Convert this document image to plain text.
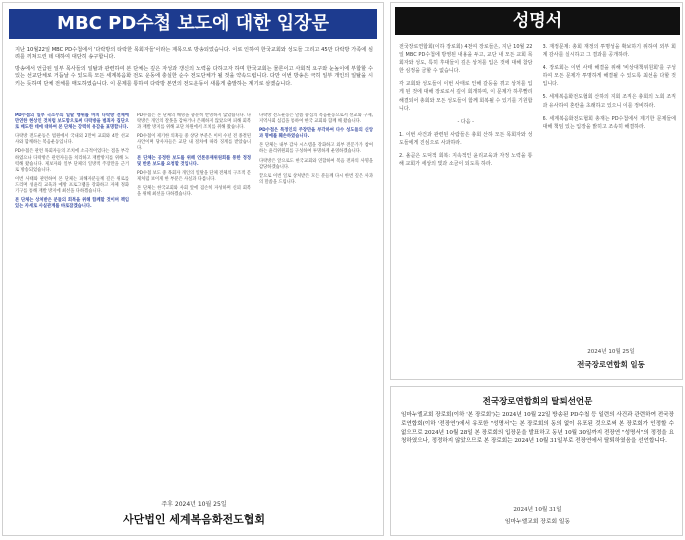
MBC PD수첩 보도에 대한 입장문

지난 10월22일 MBC PD수첩에서 '다락방의 타락한 목회자들'이라는 제목으로 방송되었습니다. 이로 인하여 한국교회와 성도들 그리고 45만 다락방 가족에 심려를 끼쳐드린 데 대하여 대단히 송구합니다.

방송에서 언급된 일부 목사들의 일탈과 관련하여 본 단체는 깊은 자성과 갱신의 노력을 다하고자 하며 한국교회는 물론이고 사회적 요구와 눈높이에 부합할 수 있는 선교단체로 거듭날 수 있도록 모든 세계복음화 전도 운동에 충실한 순수 전도단체가 될 것을 약속드립니다. 다만 이번 방송은 극히 일부 개인의 일탈을 시키는 듯하며 단체 전체를 매도하였습니다. 이 문제를 통하여 다락방 본연의 전도운동이 새롭게 출발하는 계기로 삼겠습니다.

PD수첩의 일부 극소수의 일탈 행위를 마치 다락방 전체에 만연한 현상인 것처럼 보도함으로써 다락방을 범죄자 집단으로 매도한 데에 대하여 본 단체는 강력히 유감을 표명합니다.

다락방 전도운동은 법원에서 국내외 2만여 교회와 4만 선교사와 함께하는 복음운동입니다.

PD수첩은 관련 목회자들의 조치에 소극적이었다는 점을 부각하였으나 다락방은 관련자들을 치리하고 재발방지를 위해 노력해 왔습니다. 제보자와 일부 단체의 일방적 주장만을 근거로 방송되었습니다.

이번 사태와 관련하여 본 단체는 피해자분들께 깊은 위로를 드리며 성윤리 교육과 예방 프로그램을 강화하고 자체 정화 기구를 통해 재발 방지에 최선을 다하겠습니다.

본 단체는 상처받은 분들의 회복을 위해 함께할 것이며 책임 있는 자세로 사실관계를 바로잡겠습니다.

PD수첩은 본 단체의 해명을 충분히 반영하지 않았습니다. 다락방은 개인의 잘못을 감싸거나 은폐하지 않았으며 피해 회복과 재발 방지를 위해 교단 차원에서 조치를 취해 왔습니다.

PD수첩이 제기한 의혹들 중 상당 부분은 이미 수년 전 종결된 사안이며 당사자들은 교단 내 절차에 따라 징계를 받았습니다.

본 단체는 공정한 보도를 위해 언론중재위원회를 통한 정정 및 반론 보도를 요청할 것입니다.

PD수첩 보도 중 목회자 개인의 일탈을 단체 전체의 구조적 문제처럼 보이게 한 부분은 사실과 다릅니다.

본 단체는 한국교회와 사회 앞에 겸손히 자성하며 신뢰 회복을 위해 최선을 다하겠습니다.

다락방 전도운동은 말씀 중심의 복음운동으로서 선교와 구제, 지역사회 섬김을 통하여 한국 교회와 함께 해 왔습니다.

PD수첩은 특정인의 주장만을 부각하여 다수 성도들의 신앙과 명예를 훼손하였습니다.

본 단체는 내부 감사 시스템을 강화하고 외부 전문가가 참여하는 윤리위원회를 구성하여 투명하게 운영하겠습니다.

다락방은 앞으로도 한국교회와 연합하여 복음 전파의 사명을 감당하겠습니다.

끝으로 이번 일로 상처받은 모든 분들께 다시 한번 깊은 사과의 말씀을 드립니다.

주후 2024년 10월 25일
사단법인 세계복음화전도협회
성명서

전국장로연합회(이하 장로회) 4천여 장로들은, 지난 10월 22일 MBC PD수첩에 방영된 내용을 두고, 교단 내 모든 교회 목회자와 성도, 특히 후대들이 깊은 상처를 입은 것에 대해 참담한 심정을 금할 수 없습니다.

각 교회와 성도들이 이번 사태로 인해 갈등을 겪고 상처를 입게 된 것에 대해 장로로서 깊이 회개하며, 이 문제가 하루빨리 해결되어 총회와 모든 성도들이 함께 회복될 수 있기를 기원합니다.

- 다음 -

1. 이번 사건과 관련된 사람들은 총회 산하 모든 목회자와 성도들에게 진심으로 사과하라.

2. 올곧은 도덕적 회복: 지속적인 윤리교육과 자정 노력을 통해 교회가 세상의 빛과 소금이 되도록 하라.

3. 재정문제: 총회 재정의 투명성을 확보하기 위하여 외부 회계 감사를 실시하고 그 결과를 공개하라.

4. 장로회는 이번 사태 해결을 위해 '비상대책위원회'를 구성하여 모든 문제가 투명하게 해결될 수 있도록 최선을 다할 것입니다.

5. 세계복음화전도협회 산하의 지회 조직은 총회의 노회 조직과 유사하여 혼란을 초래하고 있으니 이를 정비하라.

6. 세계복음화전도협회 총재는 PD수첩에서 제기한 문제들에 대해 책임 있는 입장을 밝히고 조속히 해결하라.

2024년 10월 25일
전국장로연합회 일동
전국장로연합회의 탈퇴선언문
임마누엘교회 장로회(이하 '본 장로회')는 2024년 10월 22일 방송된 PD수첩 등 일련의 사건과 관련하여 전국장로연합회(이하 '전장연')에서 유포한 "성명서"는 본 장로회의 동의 없이 유포된 것으로써 본 장로회가 인정할 수 없으므로 2024년 10월 28일 본 장로회의 입장문을 발표하고 동년 10월 30일까지 전장연 "성명서"의 정정을 요청하였으나, 정정하지 않았으므로 본 장로회는 2024년 10월 31일부로 전장연에서 탈퇴하였음을 선언합니다.
2024년 10월 31일
임마누엘교회 장로회 일동
